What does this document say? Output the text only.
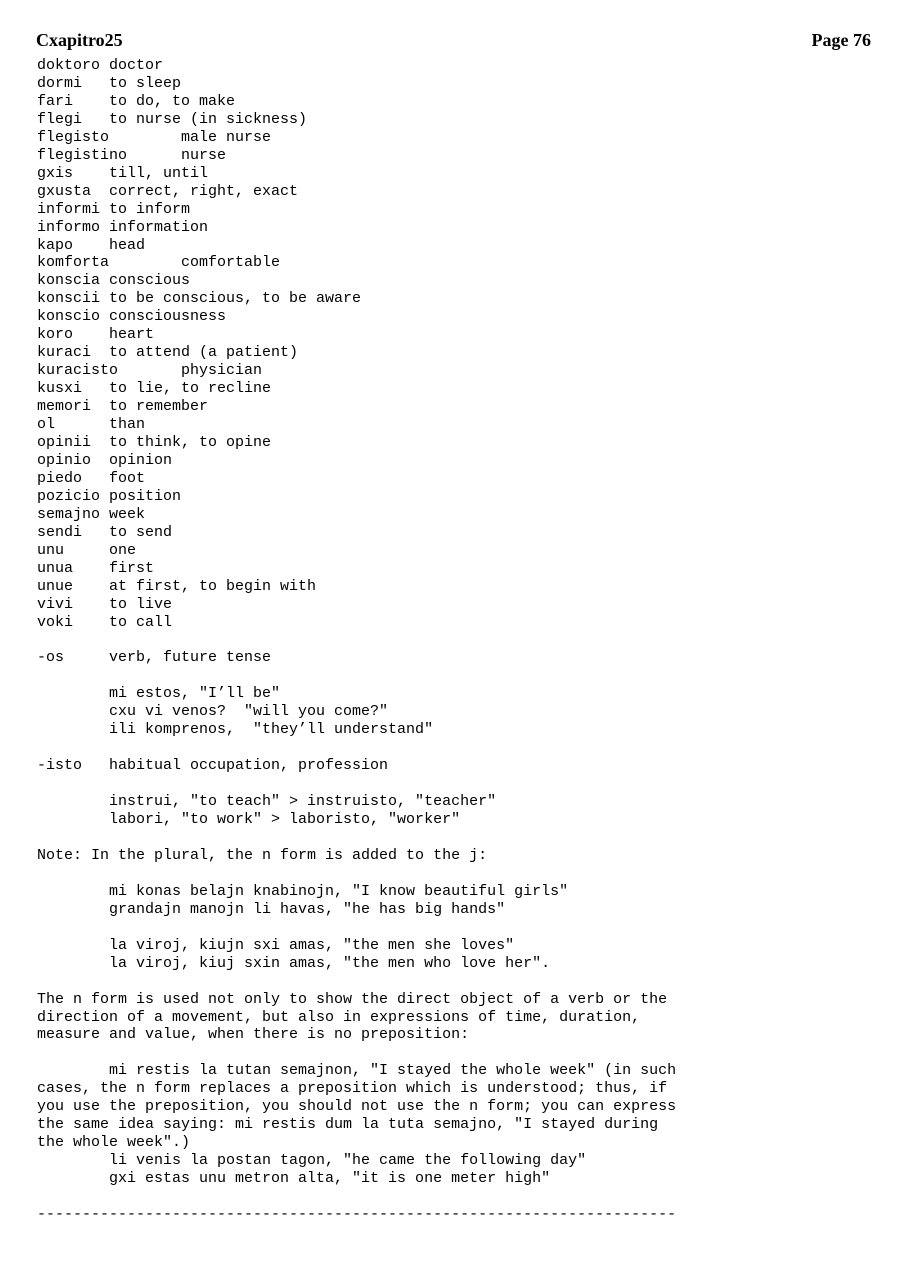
Cxapitro25	Page 76
doktoro doctor
dormi   to sleep
fari    to do, to make
flegi   to nurse (in sickness)
flegisto        male nurse
flegistino      nurse
gxis    till, until
gxusta  correct, right, exact
informi to inform
informo information
kapo    head
komforta        comfortable
konscia conscious
konscii to be conscious, to be aware
konscio consciousness
koro    heart
kuraci  to attend (a patient)
kuracisto       physician
kusxi   to lie, to recline
memori  to remember
ol      than
opinii  to think, to opine
opinio  opinion
piedo   foot
pozicio position
semajno week
sendi   to send
unu     one
unua    first
unue    at first, to begin with
vivi    to live
voki    to call

-os     verb, future tense

mi estos, "I’ll be"
cxu vi venos?  "will you come?"
ili komprenos,  "they’ll understand"

-isto   habitual occupation, profession

instrui, "to teach" > instruisto, "teacher"
labori, "to work" > laboristo, "worker"

Note: In the plural, the n form is added to the j:

mi konas belajn knabinojn, "I know beautiful girls"
grandajn manojn li havas, "he has big hands"

la viroj, kiujn sxi amas, "the men she loves"
la viroj, kiuj sxin amas, "the men who love her".

The n form is used not only to show the direct object of a verb or the
direction of a movement, but also in expressions of time, duration,
measure and value, when there is no preposition:

mi restis la tutan semajnon, "I stayed the whole week" (in such
cases, the n form replaces a preposition which is understood; thus, if
you use the preposition, you should not use the n form; you can express
the same idea saying: mi restis dum la tuta semajno, "I stayed during
the whole week".)
li venis la postan tagon, "he came the following day"
gxi estas unu metron alta, "it is one meter high"

-----------------------------------------------------------------------
